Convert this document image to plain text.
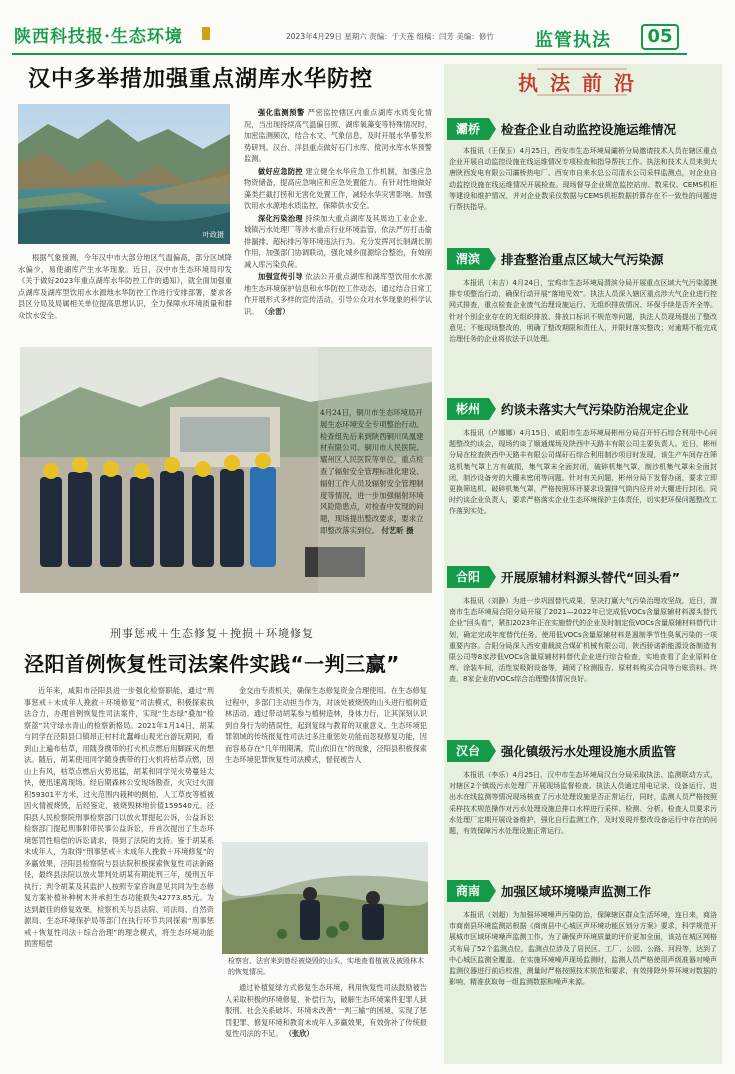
陕西科技报·生态环境	2023年4月29日 星期六 责编：于天莲 组稿：闫芳 美编：修竹 监管执法	05
汉中多举措加强重点湖库水华防控
叶政摄

根据气象预测，今年汉中市大部分地区气温偏高，部分区域降水偏少，易使湖库产生水华现象。近日，汉中市生态环境局印发《关于做好2023年重点湖库水华防控工作的通知》，就全面加强重点湖库及湖库型饮用水水源地水华防控工作进行安排部署，要求各县区分局及局属相关单位提高思想认识，全力保障水环境质量和群众饮水安全。

强化监测预警 严密监控辖区内重点湖库水质变化情况，当出现持续高气温偏日照、湖库氧藻变等特殊情况时，加密监测频次，结合水文、气象信息，及时开展水华暴发形势研判。汉台、洋县重点做好石门水库、傥河水库水华预警监测。

做好应急防控 建立健全水华应急工作机制，加强应急物资储备，提高应急响应和应急处置能力。有针对性地做好藻类拦截打捞和无害化处置工作，减轻水华灾害影响。加强饮用水水源地水质监控，保障供水安全。

深化污染治理 持续加大重点湖库及其周边工业企业、城镇污水处理厂等涉水重点行业环境监管，依法严厉打击偷排漏排、超标排污等环境违法行为。充分发挥河长制湖长制作用，加强部门协调联动，强化城乡面源综合整治，有效削减入库污染负荷。

加强宣传引导 依法公开重点湖库和湖库型饮用水水源地生态环境保护信息和水华防控工作动态，通过结合日常工作开展形式多样的宣传活动，引导公众对水华现象的科学认识。 （余雷）

4月24日，铜川市生态环境局开展生态环境安全专项整治行动。检查组先后来到陕西铜川凤凰建材有限公司、铜川市人民医院、耀州区人民医院等单位，重点检查了辐射安全管理标准化建设、辐射工作人员及辐射安全管理制度等情况，进一步加强辐射环境风险隐患点，对检查中发现的问题，现场提出整改要求，要求立即整改落实到位。 付艺昕 摄
刑事惩戒＋生态修复＋挽损＋环境修复
泾阳首例恢复性司法案件实践“一判三赢”

近年来，咸阳市泾阳县进一步强化检察职能，通过“刑事惩戒＋未成年人挽救＋环境修复”司法模式，积极探索执法合力，办理首例恢复性司法案件，实现“生态绿”叠加“检察蓝”共守绿水青山的检察新格局。2021年1月14日，胡某与同学在泾阳县口镇昂正村村北蠢峰山观光台游玩期间，看到山上遍布枯草，用随身携带的打火机点燃后用脚踩灭的想法。随后，胡某使用同学随身携带的打火机将枯草点燃，因山上有风，枯草点燃后火势迅猛，胡某和同学见火势蔓延太快，便迅速离现场。经后期森林公安现场勘查，火灾过火面积59301平方米，过火范围内栽种的侧柏、人工草皮等植被因火情被烧毁，后经鉴定，被烧毁林地价值159540元。泾阳县人民检察院刑事检察部门以放火罪提起公诉，公益诉讼检察部门提起刑事附带民事公益诉讼，并首次提出了生态环境惩罚性赔偿的诉讼请求，得到了法院的支持。鉴于胡某系未成年人，为取得“刑事惩戒＋未成年人挽救＋环境修复”的多赢效果，泾阳县检察院与县法院积极探索恢复性司法新路径，最终县法院以放火罪判处胡某有期徒刑三年，缓刑五年执行；判令胡某及其监护人按照专家咨询意见共同为生态修复方案补植补种树木并承担生态功能损失42773.85元。为达到最佳的修复效果，检察机关与县法院、司法局、自然资源局、生态环境保护局等部门在执行环节共同探索“刑事惩戒＋恢复性司法＋综合治理”的理念模式，将生态环境功能损害赔偿

金交由专责机关，确保生态修复资金合理使用。在生态修复过程中，多部门主动担当作为，对该处被烧毁的山头进行植树造林活动。通过带动胡某参与植树造林，身体力行，让其深刻认识到自身行为的错误性，起到复绿与教育的双重意义。生态环境犯罪领域的传统报复性司法过多注重惩处功能而忽视修复功能，因而容易存在“几年刑期满，荒山依旧在”的现象，泾阳县积极探索生态环境犯罪恢复性司法模式，督促被告人

检察官、法官来到曾经被烧毁的山头，实地查看植被及被毁林木的恢复情况。

通过补植复绿方式修复生态环境，利用恢复性司法鼓励被告人采取积极的环境修复、补偿行为，破解生态环境案件犯罪人狱服刑、社会关系破坏、环境未改善“一判三输”的困境，实现了惩罚犯罪、修复环境和教育未成年人多赢效果，有效弥补了传统报复性司法的不足。 （张欣）

执法前沿
灞桥	检查企业自动监控设施运维情况

本报讯（王保玉）4月25日，西安市生态环境局灞桥分局邀请技术人员在辖区重点企业开展自动监控设施在线运维情况专项检查和指导帮扶工作。执法和技术人员来到大唐陕西发电有限公司灞桥热电厂、西安市自来水总公司清水公司采样监测点，对企业自动监控设施在线运维情况开展检查。现场督导企业规范监控站房、数采仪、CEMS机柜等建设和维护情况，并对企业数采仪数据与CEMS机柜数据折算存在不一致性的问题进行帮扶指导。

渭滨	排查整治重点区域大气污染源

本报讯（未吉）4月24日，宝鸡市生态环境局渭滨分局开展重点区域大气污染源摸排专项整治行动，确保行动开展“落地见效”。执法人员深入辖区重点涉大气企业进行控网式排查，重点检查企业废气治理设施运行、无组织排放情况、环保手续是否齐全等。针对个别企业存在的无组织排放、排放口标识不规范等问题，执法人员现场提出了整改意见；不能现场整改的，明确了整改期限和责任人，并限时落实整改；对逾期不能完成治理任务的企业将依法予以处理。

彬州	约谈未落实大气污染防治规定企业

本报讯（卢娜娜）4月15日，咸阳市生态环境局彬州分局召开钎石综合利用中心问题整改约谈会，现场约谈了顺通煤场及陕西中天路丰有限公司主要负责人。近日，彬州分局在检查陕西中天路丰有限公司煤矸石综合利用制沙项目时发现，该生产车间存在筛选机集气罩上方有破损，集气罩未全面封闭，破碎机集气罩、制沙机集气罩未全面封闭，制沙设备旁的大棚未密闭等问题。针对有关问题，彬州分局下发督办函，要求立即更换筛选机、破碎机集气罩，严格按照环评要求设置排气筒内径并对大棚进行封闭。同时约谈企业负责人，要求严格落实企业生态环境保护主体责任，切实把环保问题整改工作落到实处。

合阳	开展原辅材料源头替代“回头看”

本报讯（刘静）为进一步巩固替代成果，坚决打赢大气污染治理攻坚战，近日，渭南市生态环境局合阳分局开展了2021—2022年已完成低VOCs含量原辅材料源头替代企业“回头看”，紧扣2023年正在实施替代的企业及时制定低VOCs含量原辅材料替代计划，确定完成年度替代任务。使用低VOCs含量原辅材料是遏制季节性臭氧污染的一项重要内容。合阳分局深入西安重载波合煤矿机械有限公司，陕西骄诺新能源设备制造有限公司等8家涉低VOCs含量原辅材料替代企业进行综合检查，实地查看了企业原料仓库、涂装车间，活性炭吸附设备等，调阅了检测报告、原材料购买合同等台账资料。终查，8家企业的VOCs综合治理整体情况良好。

汉台	强化镇级污水处理设施水质监管

本报讯（李乐）4月25日，汉中市生态环境局汉台分局采取执法、监测联动方式，对辖区2个镇级污水处理厂开展现场监督检查。执法人员通过用电记录、设备运行、进出水在线监测等情况现场核查了污水处理设施是否正常运行，同时，监测人员严格按照采样技术规范操作对污水处理设施总排口水样进行采样、检测、分析。检查人员要求污水处理厂定期开展设备维护，强化自行监测工作，及时发现并整改设备运行中存在的问题，有效保障污水处理设施正常运行。

商南	加强区域环境噪声监测工作

本报讯（刘超）为加强环境噪声污染防治，保障辖区群众生活环境，连日来，商洛市商南县环境监测站根据《商南县中心城区声环境功能区划分方案》要求，科学规范开展城市区域环境噪声监测工作。为了确保声环境质量的评价更加全面，该站在城区网格式布局了52个监测点位，监测点位涉及了居民区、工厂、公园、公路、河段等，达到了中心城区监测全覆盖。在实施环境噪声现场监测时，监测人员严格使用声级准器对噪声监测仪器进行前后校准，测量时严格按照技术规范和要求，有效排除外界环境对数据的影响，精准获取每一组监测数据和噪声来源。
